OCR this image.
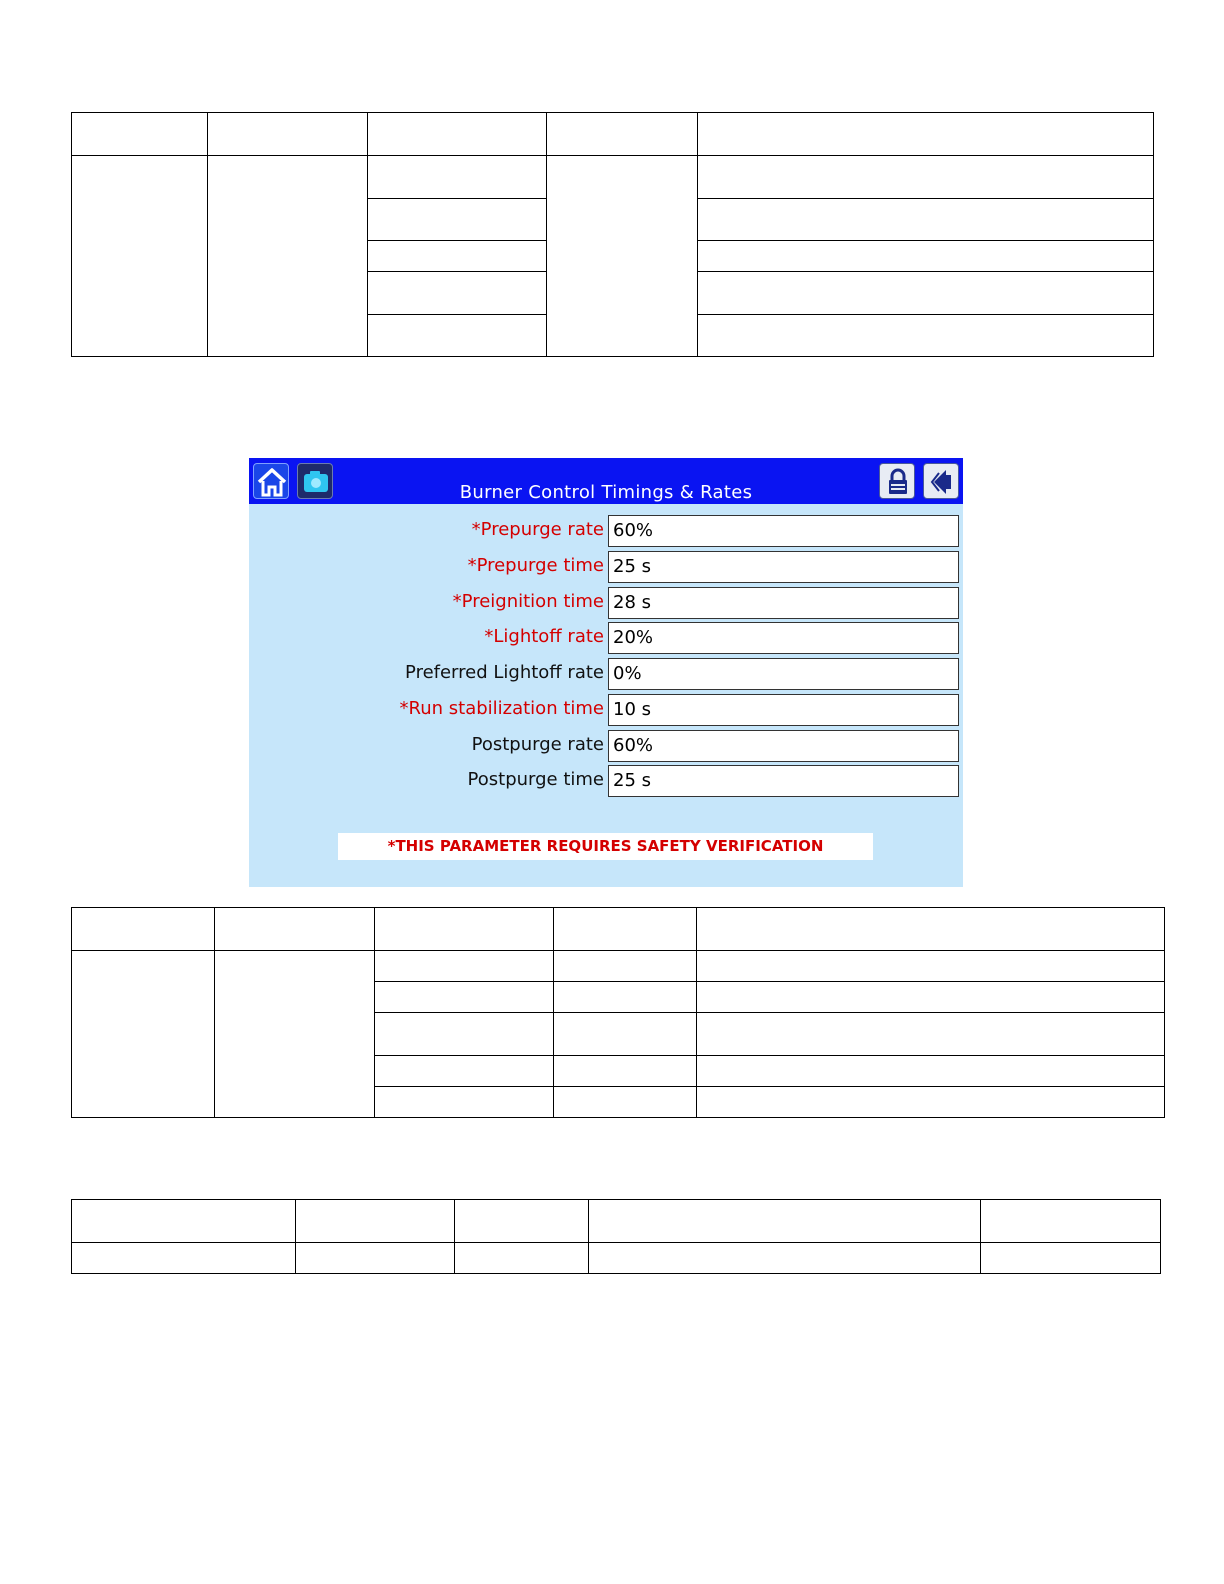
Burner Control Timings & Rates
*Prepurge rate 60%
*Prepurge time 25 s
*Preignition time 28 s
*Lightoff rate 20%
Preferred Lightoff rate 0%
*Run stabilization time 10 s
Postpurge rate 60%
Postpurge time 25 s
*THIS PARAMETER REQUIRES SAFETY VERIFICATION
